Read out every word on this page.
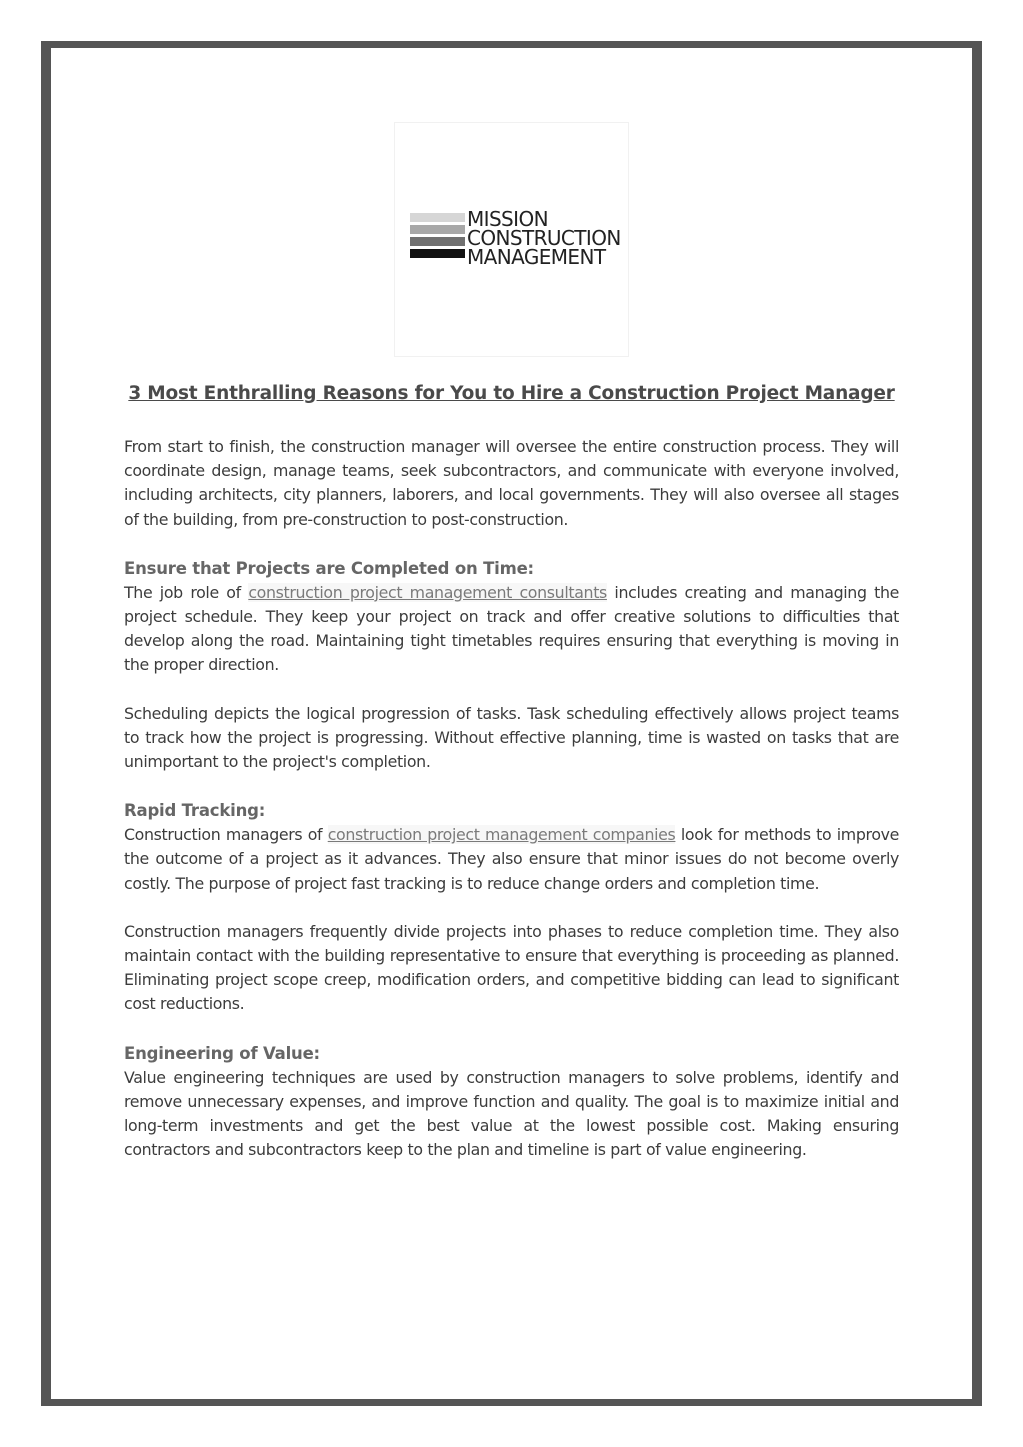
MISSION
CONSTRUCTION
MANAGEMENT
3 Most Enthralling Reasons for You to Hire a Construction Project Manager

From start to finish, the construction manager will oversee the entire construction process. They will coordinate design, manage teams, seek subcontractors, and communicate with everyone involved, including architects, city planners, laborers, and local governments. They will also oversee all stages of the building, from pre-construction to post-construction.

Ensure that Projects are Completed on Time:

The job role of construction project management consultants includes creating and managing the project schedule. They keep your project on track and offer creative solutions to difficulties that develop along the road. Maintaining tight timetables requires ensuring that everything is moving in the proper direction.

Scheduling depicts the logical progression of tasks. Task scheduling effectively allows project teams to track how the project is progressing. Without effective planning, time is wasted on tasks that are unimportant to the project's completion.

Rapid Tracking:

Construction managers of construction project management companies look for methods to improve the outcome of a project as it advances. They also ensure that minor issues do not become overly costly. The purpose of project fast tracking is to reduce change orders and completion time.

Construction managers frequently divide projects into phases to reduce completion time. They also maintain contact with the building representative to ensure that everything is proceeding as planned. Eliminating project scope creep, modification orders, and competitive bidding can lead to significant cost reductions.

Engineering of Value:

Value engineering techniques are used by construction managers to solve problems, identify and remove unnecessary expenses, and improve function and quality. The goal is to maximize initial and long-term investments and get the best value at the lowest possible cost. Making ensuring contractors and subcontractors keep to the plan and timeline is part of value engineering.
